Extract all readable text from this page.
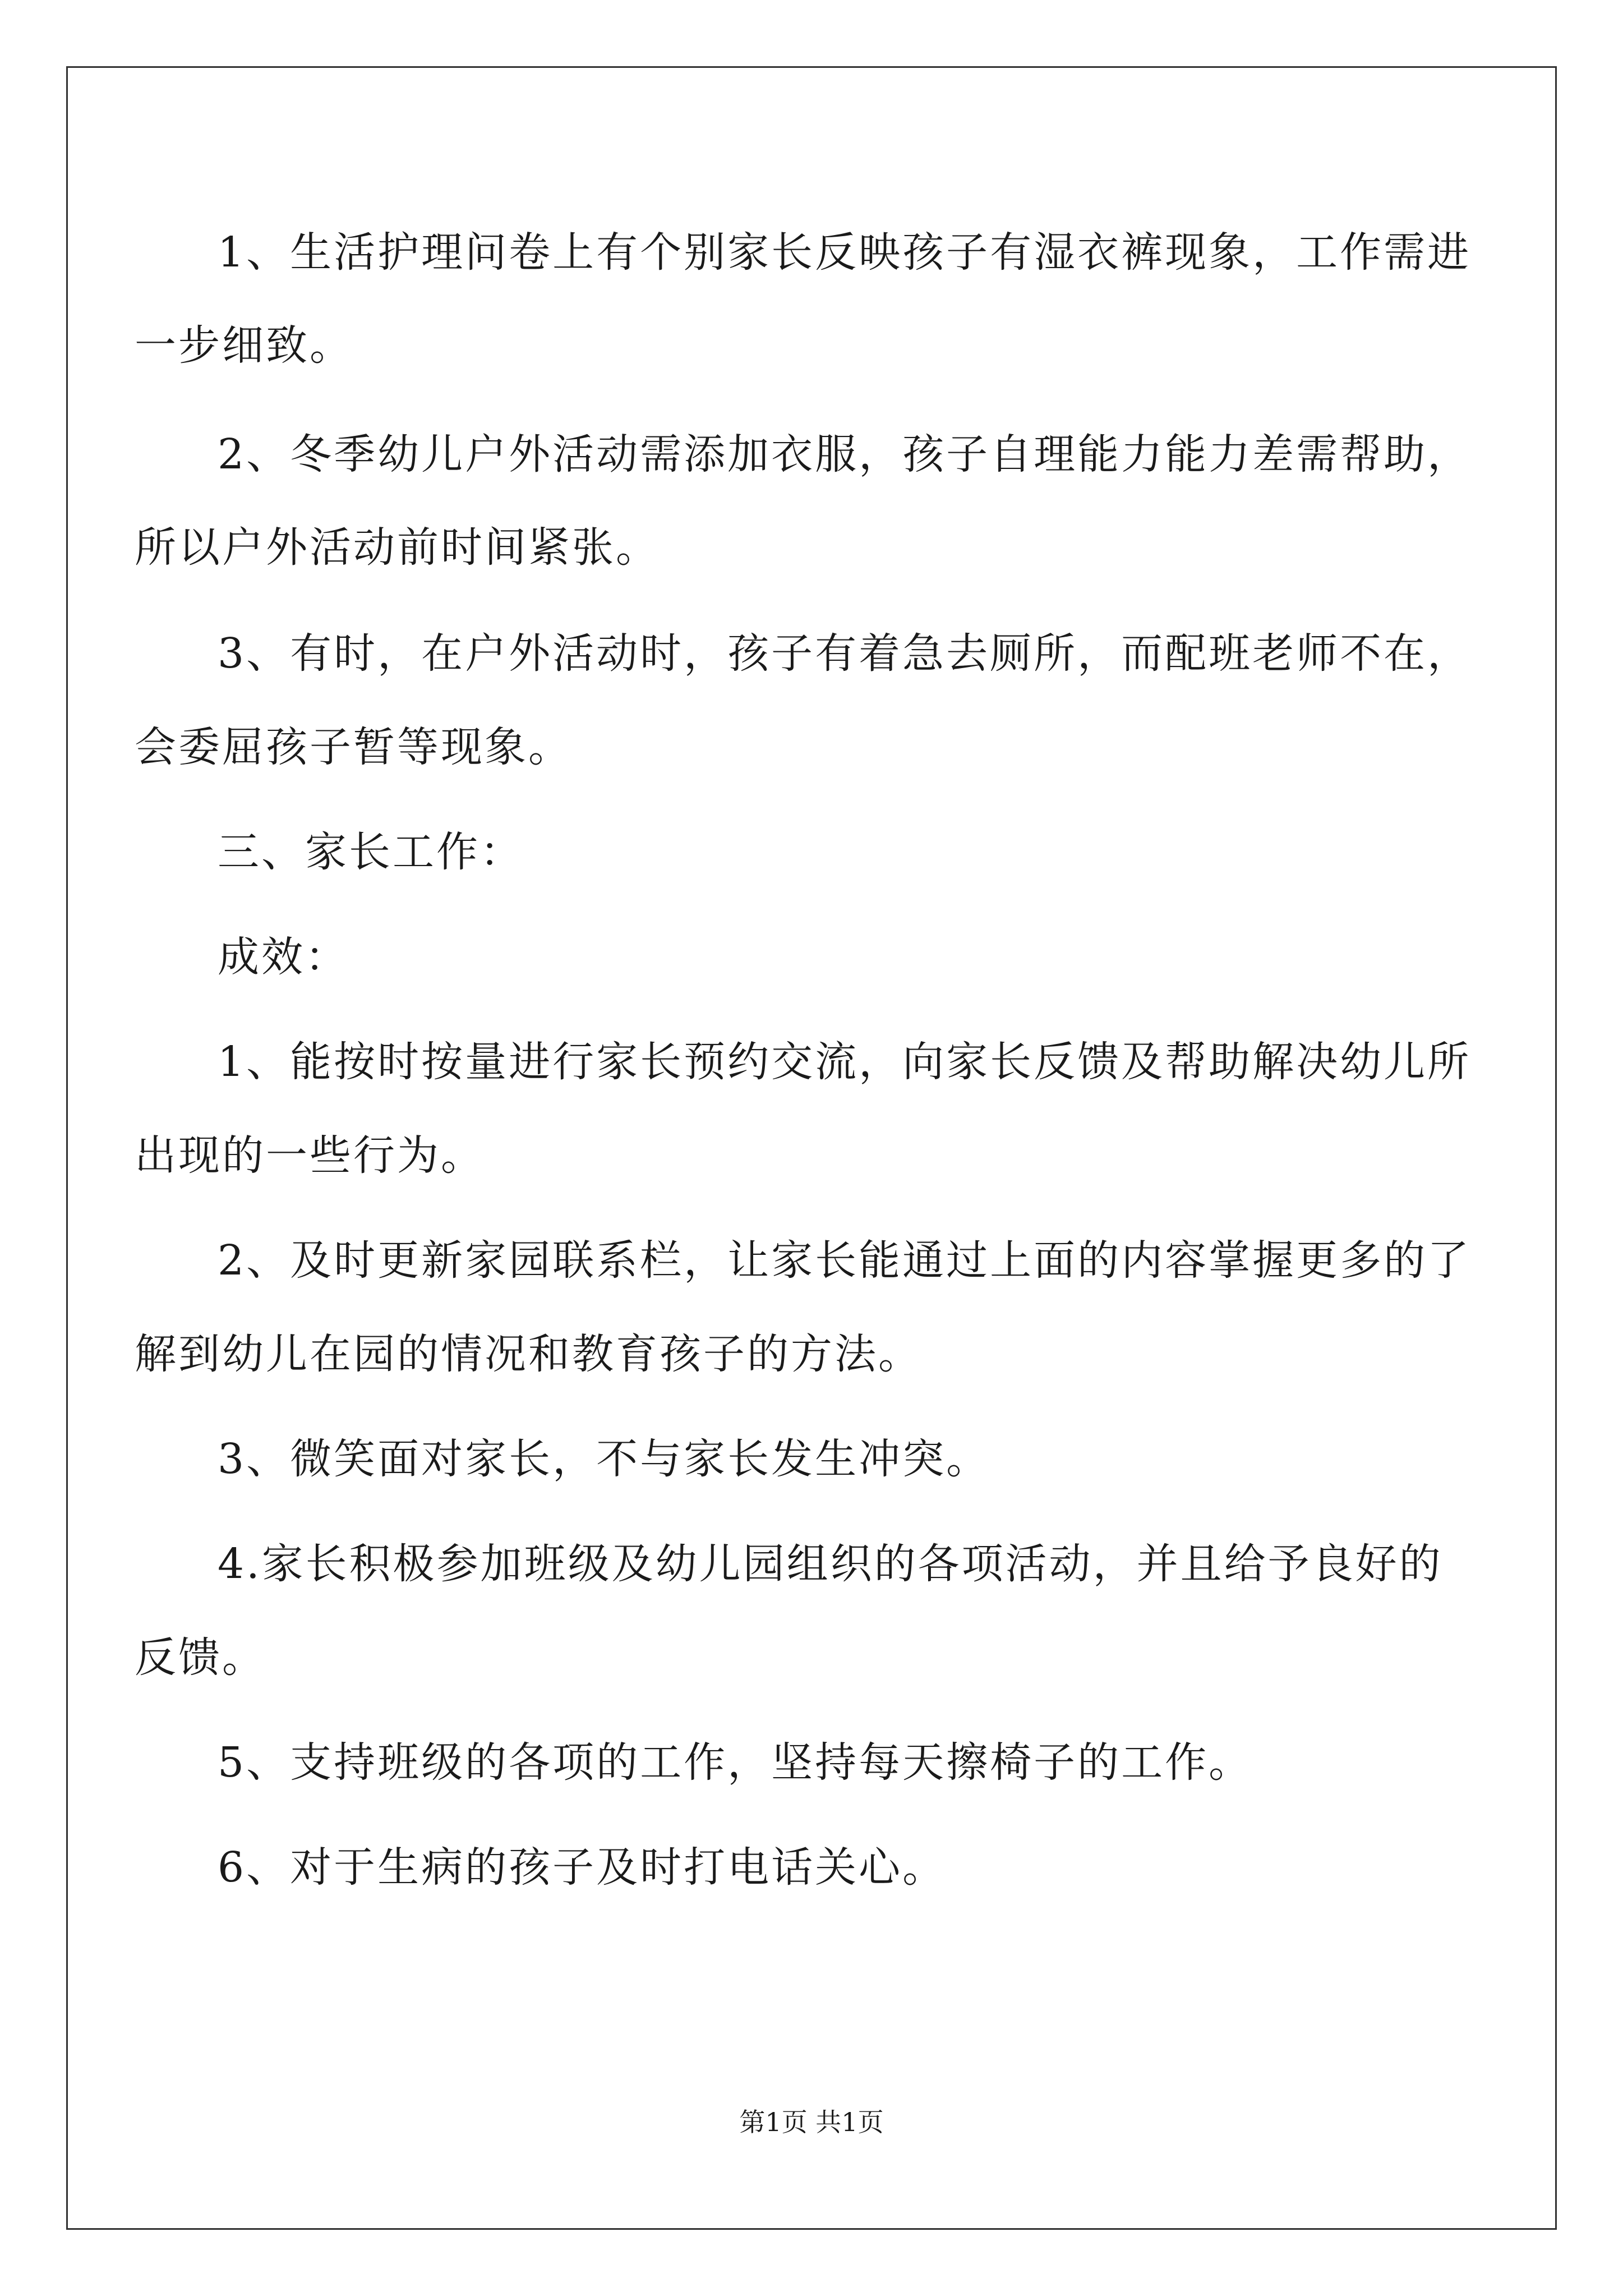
1、生活护理问卷上有个别家长反映孩子有湿衣裤现象，工作需进
一步细致。
2、冬季幼儿户外活动需添加衣服，孩子自理能力能力差需帮助，
所以户外活动前时间紧张。
3、有时，在户外活动时，孩子有着急去厕所，而配班老师不在，
会委屈孩子暂等现象。
三、家长工作：
成效：
1、能按时按量进行家长预约交流，向家长反馈及帮助解决幼儿所
出现的一些行为。
2、及时更新家园联系栏，让家长能通过上面的内容掌握更多的了
解到幼儿在园的情况和教育孩子的方法。
3、微笑面对家长，不与家长发生冲突。
4.家长积极参加班级及幼儿园组织的各项活动，并且给予良好的
反馈。
5、支持班级的各项的工作，坚持每天擦椅子的工作。
6、对于生病的孩子及时打电话关心。
第1页 共1页
